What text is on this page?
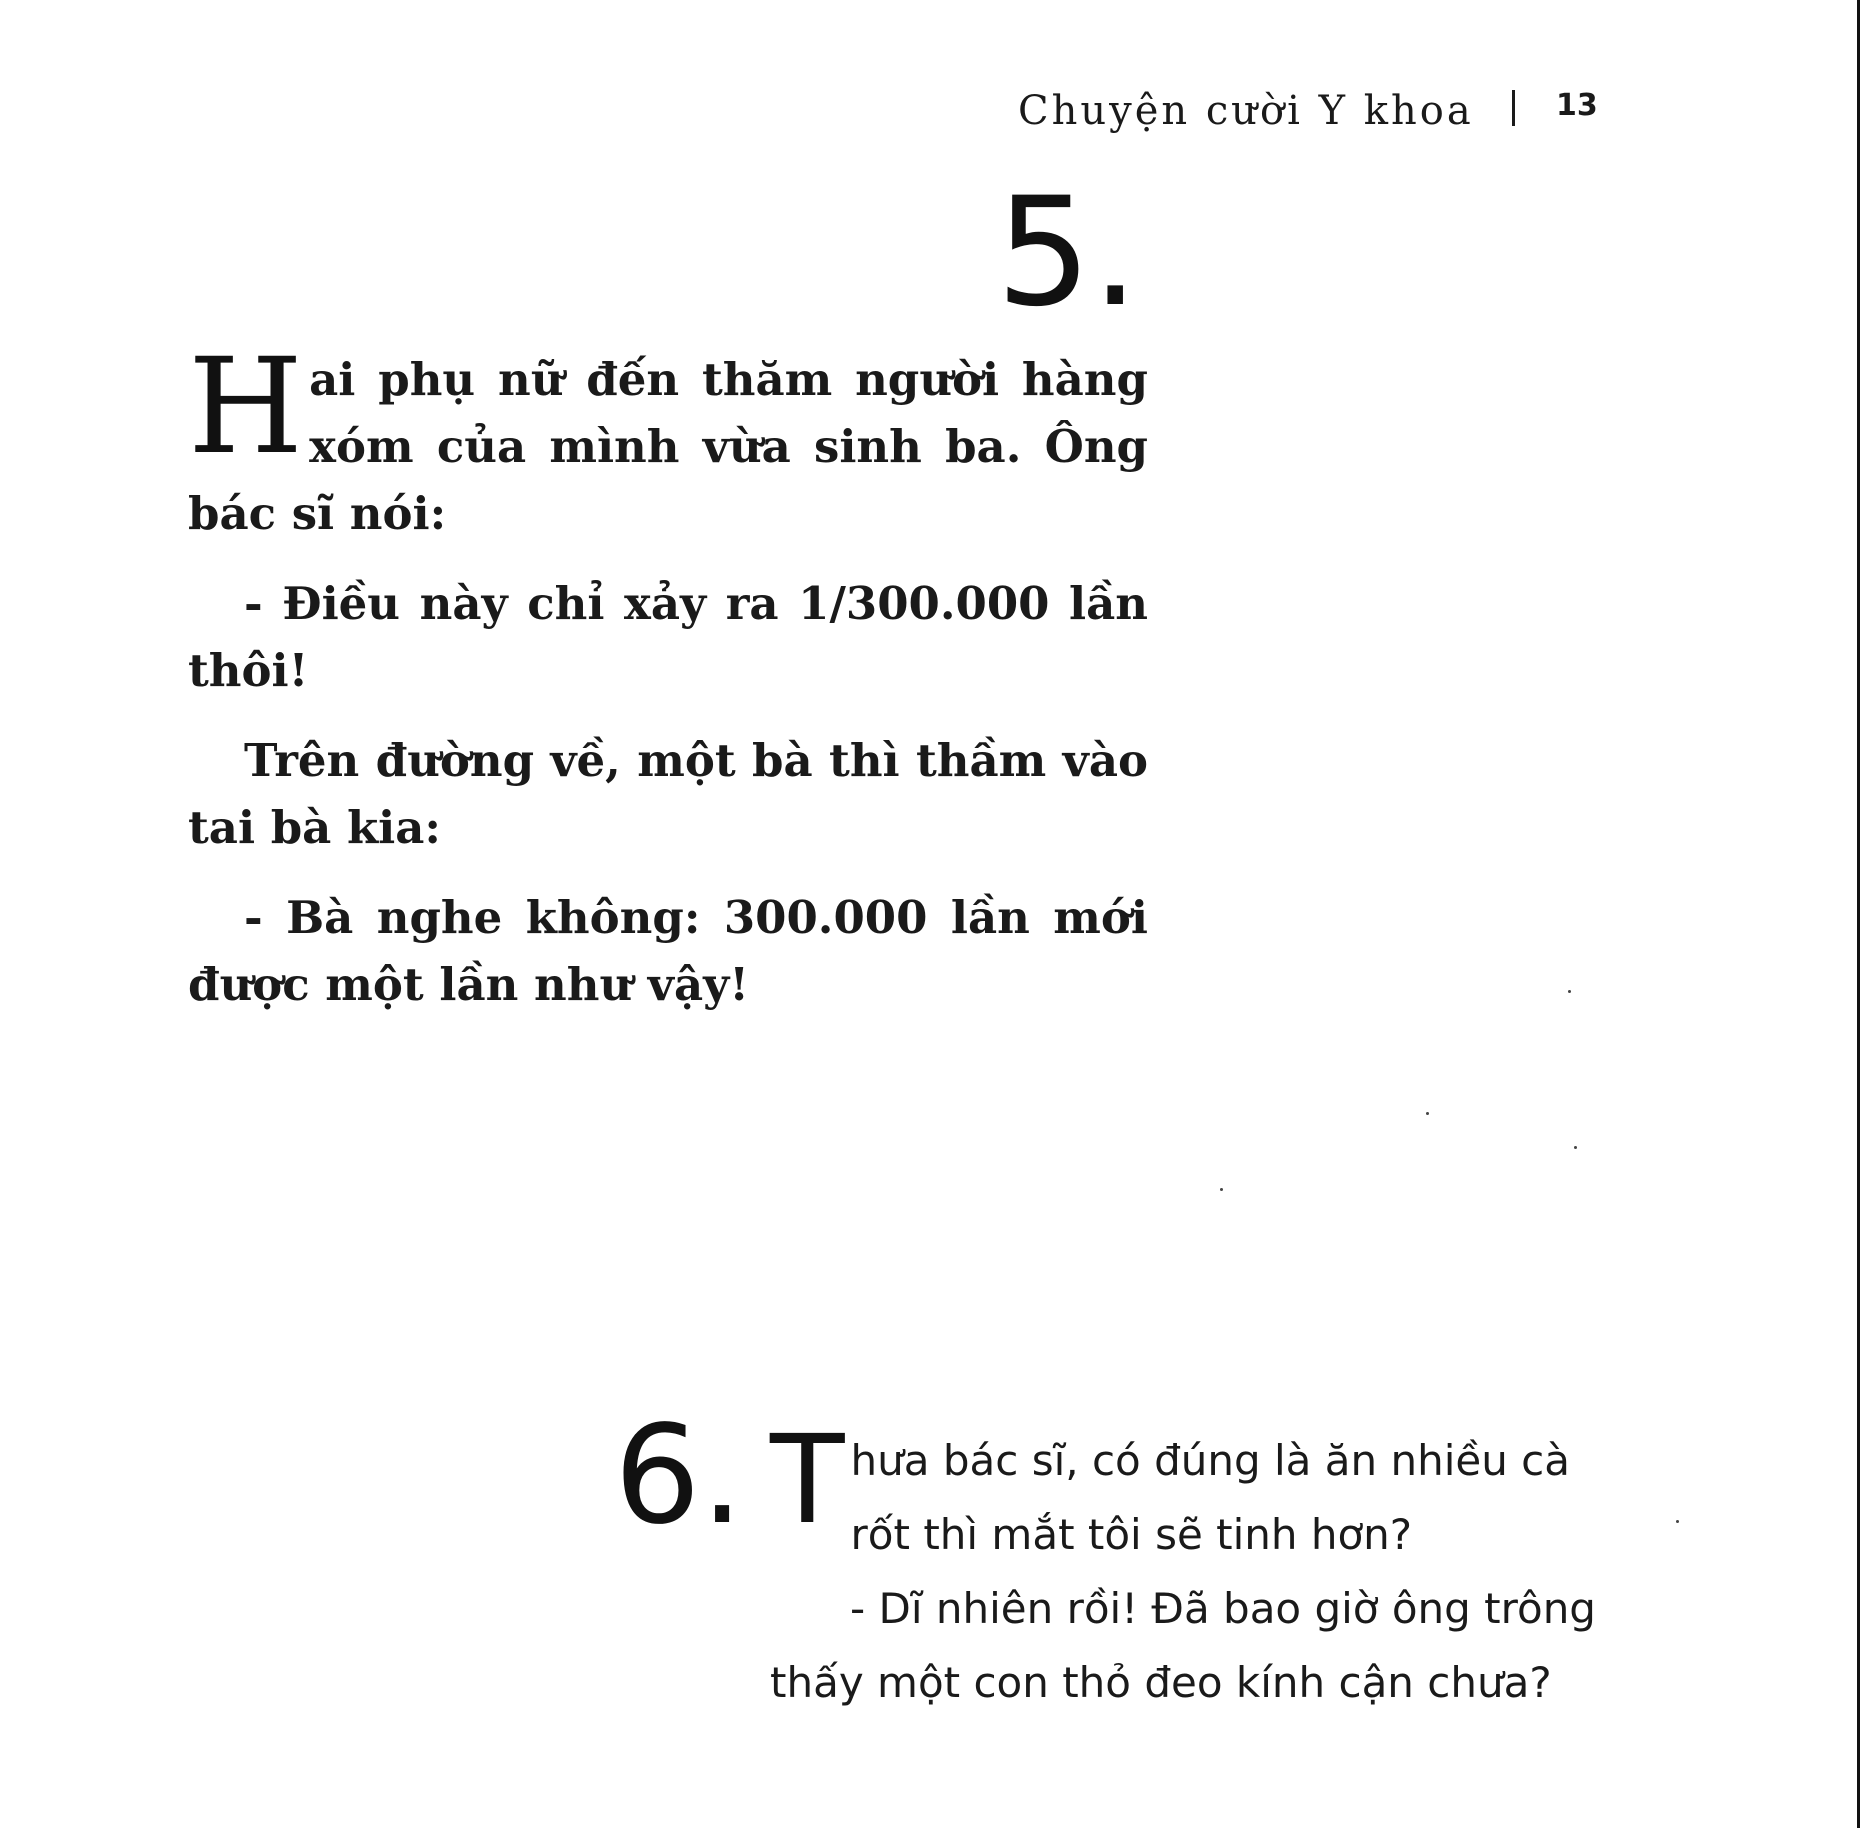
Chuyện cười Y khoa	13
5.

Hai phụ nữ đến thăm người hàng xóm của mình vừa sinh ba. Ông bác sĩ nói:

- Điều này chỉ xảy ra 1/300.000 lần thôi!

Trên đường về, một bà thì thầm vào tai bà kia:

- Bà nghe không: 300.000 lần mới được một lần như vậy!

6. Thưa bác sĩ, có đúng là ăn nhiều cà rốt thì mắt tôi sẽ tinh hơn?

- Dĩ nhiên rồi! Đã bao giờ ông trông thấy một con thỏ đeo kính cận chưa?
